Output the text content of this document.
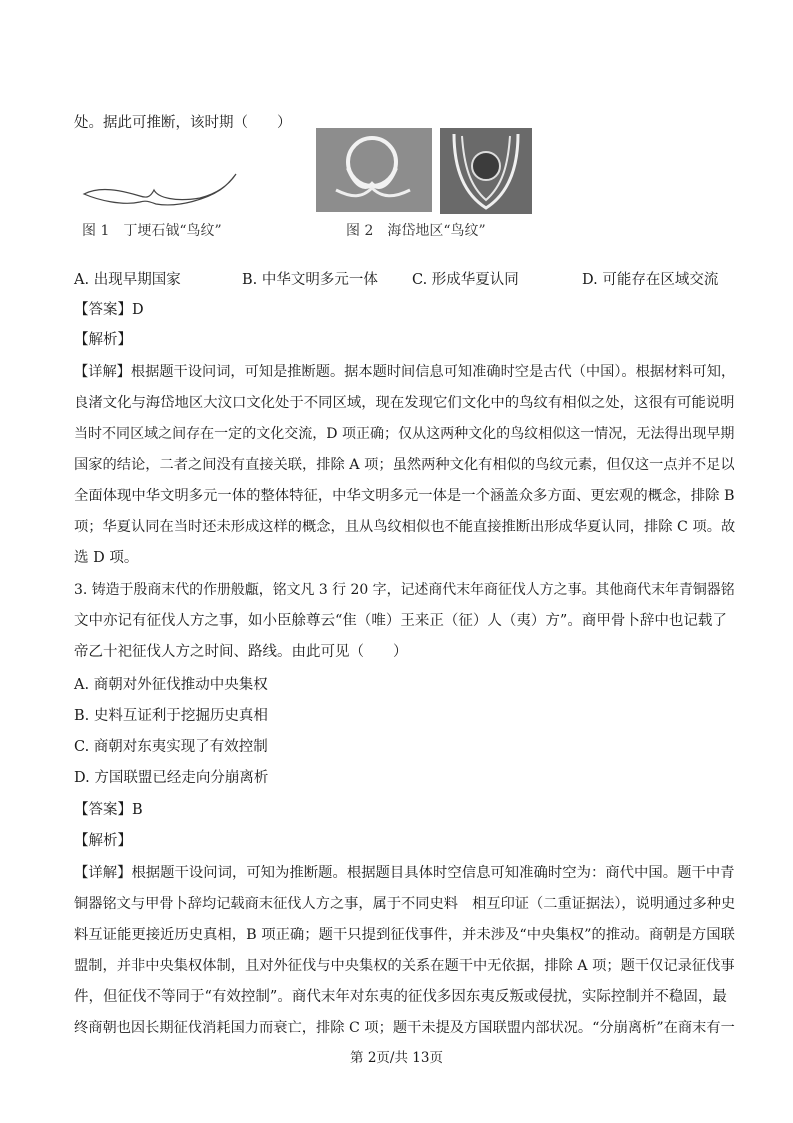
处。据此可推断，该时期（　　）
图 1　丁埂石钺“鸟纹”	图 2　海岱地区“鸟纹”
A. 出现早期国家	B. 中华文明多元一体 C. 形成华夏认同	D. 可能存在区域交流
【答案】D
【解析】
【详解】根据题干设问词，可知是推断题。据本题时间信息可知准确时空是古代（中国）。根据材料可知，
良渚文化与海岱地区大汶口文化处于不同区域，现在发现它们文化中的鸟纹有相似之处，这很有可能说明
当时不同区域之间存在一定的文化交流，D 项正确；仅从这两种文化的鸟纹相似这一情况，无法得出现早期
国家的结论，二者之间没有直接关联，排除 A 项；虽然两种文化有相似的鸟纹元素，但仅这一点并不足以
全面体现中华文明多元一体的整体特征，中华文明多元一体是一个涵盖众多方面、更宏观的概念，排除 B
项；华夏认同在当时还未形成这样的概念，且从鸟纹相似也不能直接推断出形成华夏认同，排除 C 项。故
选 D 项。
3. 铸造于殷商末代的作册般甗，铭文凡 3 行 20 字，记述商代末年商征伐人方之事。其他商代末年青铜器铭
文中亦记有征伐人方之事，如小臣艅尊云“隹（唯）王来正（征）人（夷）方”。商甲骨卜辞中也记载了
帝乙十祀征伐人方之时间、路线。由此可见（　　）
A. 商朝对外征伐推动中央集权
B. 史料互证利于挖掘历史真相
C. 商朝对东夷实现了有效控制
D. 方国联盟已经走向分崩离析
【答案】B
【解析】
【详解】根据题干设问词，可知为推断题。根据题目具体时空信息可知准确时空为：商代中国。题干中青
铜器铭文与甲骨卜辞均记载商末征伐人方之事，属于不同史料　相互印证（二重证据法），说明通过多种史
料互证能更接近历史真相，B 项正确；题干只提到征伐事件，并未涉及“中央集权”的推动。商朝是方国联
盟制，并非中央集权体制，且对外征伐与中央集权的关系在题干中无依据，排除 A 项；题干仅记录征伐事
件，但征伐不等同于“有效控制”。商代末年对东夷的征伐多因东夷反叛或侵扰，实际控制并不稳固，最
终商朝也因长期征伐消耗国力而衰亡，排除 C 项；题干未提及方国联盟内部状况。“分崩离析”在商末有一
第 2页/共 13页
